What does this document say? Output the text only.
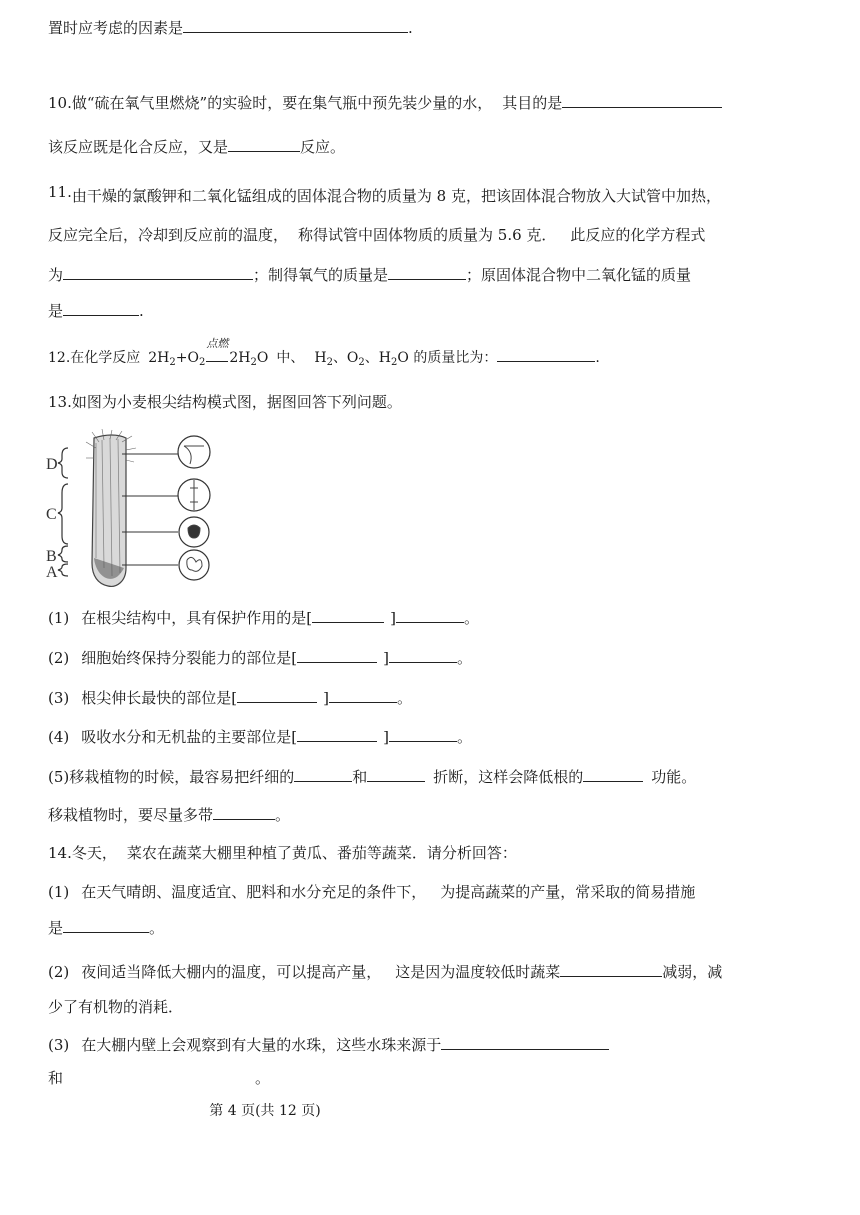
置时应考虑的因素是	.
10.做“硫在氧气里燃烧”的实验时，要在集气瓶中预先装少量的水， 其目的是
该反应既是化合反应，又是	反应。
11.由干燥的氯酸钾和二氧化锰组成的固体混合物的质量为 8 克，把该固体混合物放入大试管中加热，
反应完全后，冷却到反应前的温度， 称得试管中固体物质的质量为 5.6 克． 此反应的化学方程式
为	；制得氧气的质量是	；原固体混合物中二氧化锰的质量
是	.
12.在化学反应 $2H_2+O_2$
点燃
$2H_2O$ 中、 $H_2$、$O_2$、$H_2O$ 的质量比为：	.
13.如图为小麦根尖结构模式图，据图回答下列问题。
D
C
B
A
(1) 在根尖结构中，具有保护作用的是[	]	。
(2) 细胞始终保持分裂能力的部位是[	]	。
(3) 根尖伸长最快的部位是[	]	。
(4) 吸收水分和无机盐的主要部位是[	]	。
(5)移栽植物的时候，最容易把纤细的	和	折断，这样会降低根的	功能。
移栽植物时，要尽量多带	。
14.冬天， 菜农在蔬菜大棚里种植了黄瓜、番茄等蔬菜．请分析回答：
(1) 在天气晴朗、温度适宜、肥料和水分充足的条件下， 为提高蔬菜的产量，常采取的简易措施
是	。
(2) 夜间适当降低大棚内的温度，可以提高产量， 这是因为温度较低时蔬菜	减弱，减
少了有机物的消耗．
(3) 在大棚内壁上会观察到有大量的水珠，这些水珠来源于
和	。
第 4 页(共 12 页)
